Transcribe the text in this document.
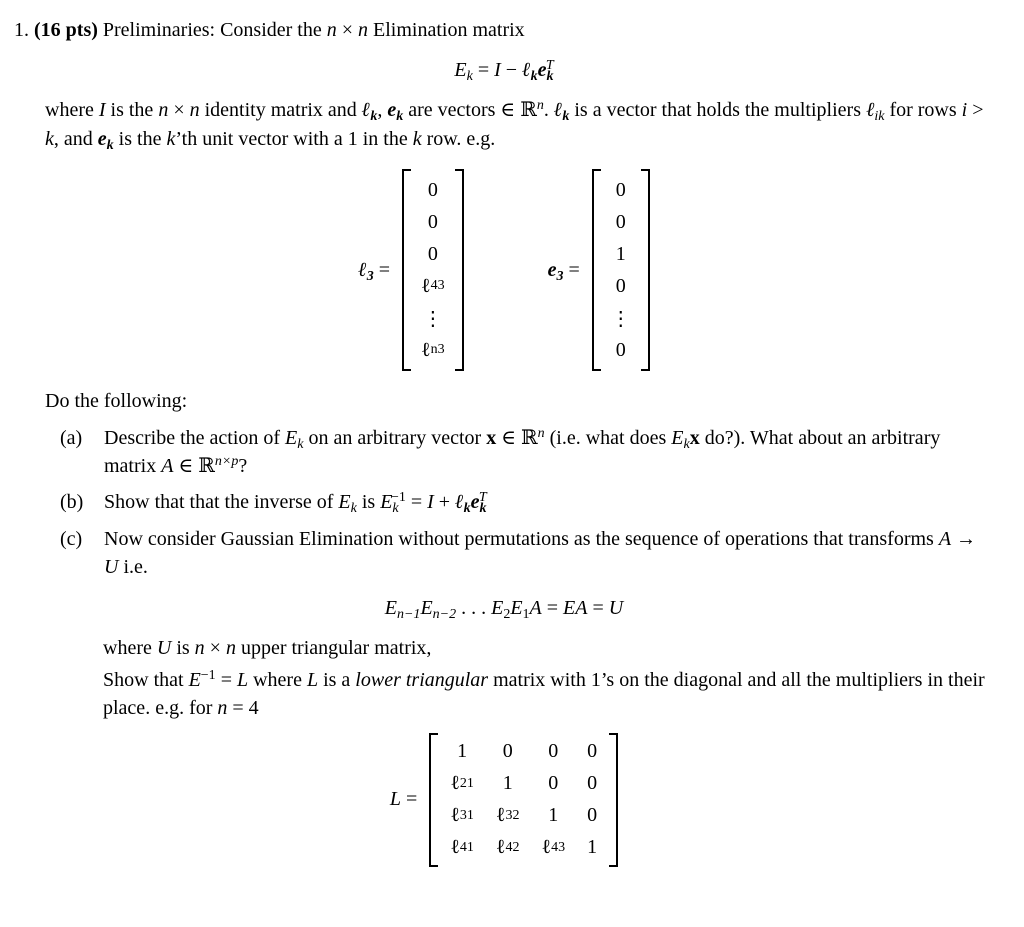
1. (16 pts) Preliminaries: Consider the n × n Elimination matrix
$E_k = I$ − $\ell_ke_k^T$
where I is the n × n identity matrix and ℓ$_k$, $e_k$ are vectors ∈ ℝ$^n$. ℓ$_k$ is a vector that holds the multipliers ℓ$_{ik}$ for rows i > k, and $e_k$ is the k’th unit vector with a 1 in the k row. e.g.
ℓ$_3$ =
0
0
0
ℓ 43
⋮
ℓ n3
$e_3$ =
0
0
1
0
⋮
0
Do the following:
(a)	Describe the action of $E_k$ on an arbitrary vector x ∈ ℝ$^n$ (i.e. what does $E_kx$ do?). What about an arbitrary matrix A ∈ ℝ$^{n\times p}$?
(b)	Show that that the inverse of $E_k$ is $E_k^{-1} = I$ + $\ell_ke_k^T$
(c)	Now consider Gaussian Elimination without permutations as the sequence of operations that transforms A → U i.e.
$E_{n-1}E_{n-2}$ . . . $E_2E_1A$ = EA = U
where U is n × n upper triangular matrix,
Show that $E^{-1} = L$ where L is a lower triangular matrix with 1’s on the diagonal and all the multipliers in their place. e.g. for n = 4
L =
1 0 0 0
ℓ 21 1 0 0
ℓ 31 ℓ 32 1 0
ℓ 41 ℓ 42 ℓ 43 1
